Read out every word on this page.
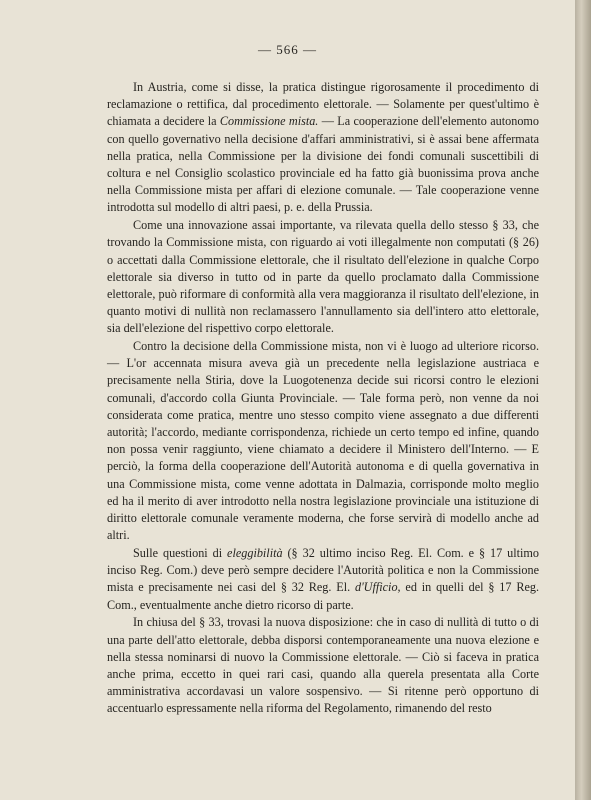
— 566 —

In Austria, come si disse, la pratica distingue rigorosamente il procedimento di reclamazione o rettifica, dal procedimento elettorale. — Solamente per quest'ultimo è chiamata a decidere la Commissione mista. — La cooperazione dell'elemento autonomo con quello governativo nella decisione d'affari amministrativi, si è assai bene affermata nella pratica, nella Commissione per la divisione dei fondi comunali suscettibili di coltura e nel Consiglio scolastico provinciale ed ha fatto già buonissima prova anche nella Commissione mista per affari di elezione comunale. — Tale cooperazione venne introdotta sul modello di altri paesi, p. e. della Prussia.

Come una innovazione assai importante, va rilevata quella dello stesso § 33, che trovando la Commissione mista, con riguardo ai voti illegalmente non computati (§ 26) o accettati dalla Commissione elettorale, che il risultato dell'elezione in qualche Corpo elettorale sia diverso in tutto od in parte da quello proclamato dalla Commissione elettorale, può riformare di conformità alla vera maggioranza il risultato dell'elezione, in quanto motivi di nullità non reclamassero l'annullamento sia dell'intero atto elettorale, sia dell'elezione del rispettivo corpo elettorale.

Contro la decisione della Commissione mista, non vi è luogo ad ulteriore ricorso. — L'or accennata misura aveva già un precedente nella legislazione austriaca e precisamente nella Stiria, dove la Luogotenenza decide sui ricorsi contro le elezioni comunali, d'accordo colla Giunta Provinciale. — Tale forma però, non venne da noi considerata come pratica, mentre uno stesso compito viene assegnato a due differenti autorità; l'accordo, mediante corrispondenza, richiede un certo tempo ed infine, quando non possa venir raggiunto, viene chiamato a decidere il Ministero dell'Interno. — E perciò, la forma della cooperazione dell'Autorità autonoma e di quella governativa in una Commissione mista, come venne adottata in Dalmazia, corrisponde molto meglio ed ha il merito di aver introdotto nella nostra legislazione provinciale una istituzione di diritto elettorale comunale veramente moderna, che forse servirà di modello anche ad altri.

Sulle questioni di eleggibilità (§ 32 ultimo inciso Reg. El. Com. e § 17 ultimo inciso Reg. Com.) deve però sempre decidere l'Autorità politica e non la Commissione mista e precisamente nei casi del § 32 Reg. El. d'Ufficio, ed in quelli del § 17 Reg. Com., eventualmente anche dietro ricorso di parte.

In chiusa del § 33, trovasi la nuova disposizione: che in caso di nullità di tutto o di una parte dell'atto elettorale, debba disporsi contemporaneamente una nuova elezione e nella stessa nominarsi di nuovo la Commissione elettorale. — Ciò si faceva in pratica anche prima, eccetto in quei rari casi, quando alla querela presentata alla Corte amministrativa accordavasi un valore sospensivo. — Si ritenne però opportuno di accentuarlo espressamente nella riforma del Regolamento, rimanendo del resto
